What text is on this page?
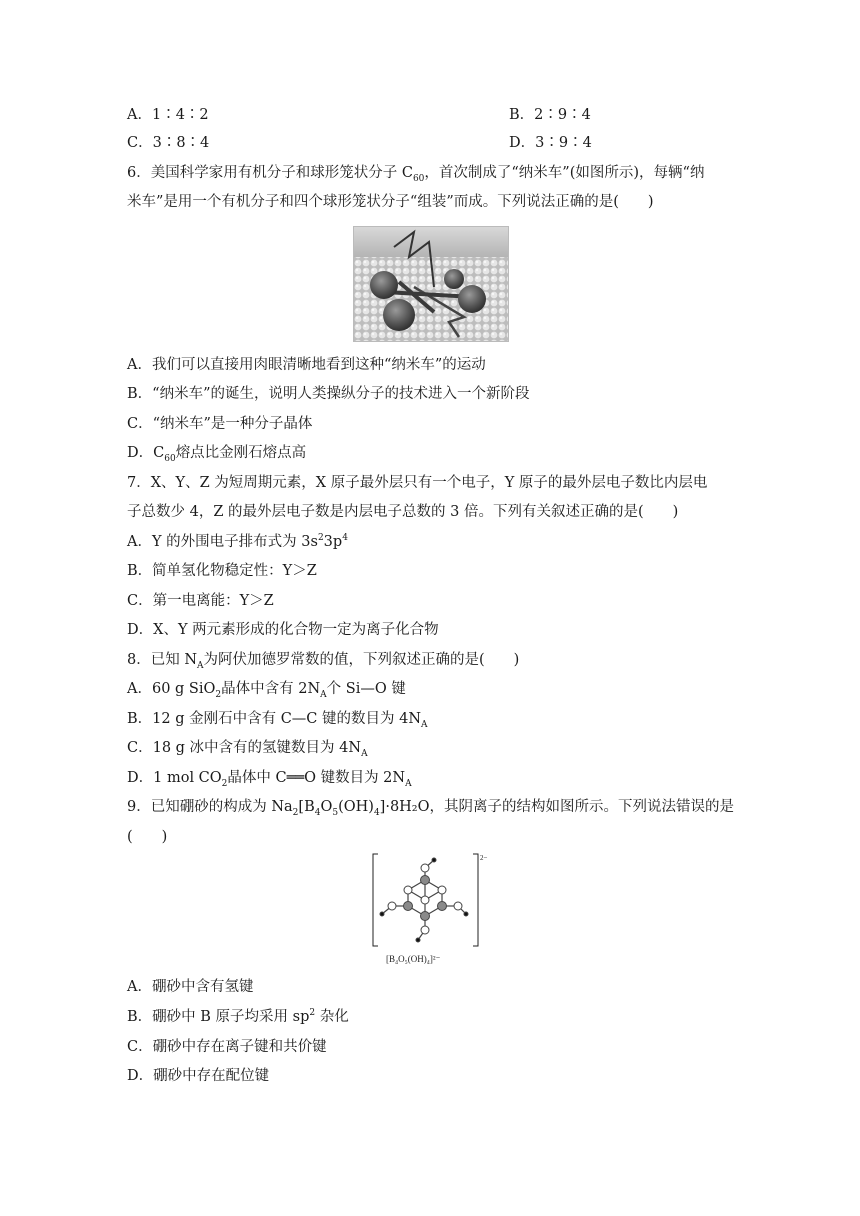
A．1∶4∶2	B．2∶9∶4
C．3∶8∶4	D．3∶9∶4
6．美国科学家用有机分子和球形笼状分子 $C_{60}$，首次制成了“纳米车”(如图所示)，每辆“纳
米车”是用一个有机分子和四个球形笼状分子“组装”而成。下列说法正确的是(　　)
A．我们可以直接用肉眼清晰地看到这种“纳米车”的运动
B．“纳米车”的诞生，说明人类操纵分子的技术进入一个新阶段
C．“纳米车”是一种分子晶体
D．$C_{60}$熔点比金刚石熔点高
7．X、Y、Z 为短周期元素，X 原子最外层只有一个电子，Y 原子的最外层电子数比内层电
子总数少 4，Z 的最外层电子数是内层电子总数的 3 倍。下列有关叙述正确的是(　　)
A．Y 的外围电子排布式为 $3s^23p^4$
B．简单氢化物稳定性：Y＞Z
C．第一电离能：Y＞Z
D．X、Y 两元素形成的化合物一定为离子化合物
8．已知 $N_A$为阿伏加德罗常数的值，下列叙述正确的是(　　)
A．60 g SiO$_2$晶体中含有 $2N_A$个 Si—O 键
B．12 g 金刚石中含有 C—C 键的数目为 $4N_A$
C．18 g 冰中含有的氢键数目为 $4N_A$
D．1 mol $CO_2$晶体中 C══O 键数目为 $2N_A$
9．已知硼砂的构成为 $Na_2[B_4O_5(OH)_4]\cdot 8H_2O$，其阴离子的结构如图所示。下列说法错误的是
(　　)
2−
[B₄O₅(OH)₄]²⁻
A．硼砂中含有氢键
B．硼砂中 B 原子均采用 $sp^2$ 杂化
C．硼砂中存在离子键和共价键
D．硼砂中存在配位键
